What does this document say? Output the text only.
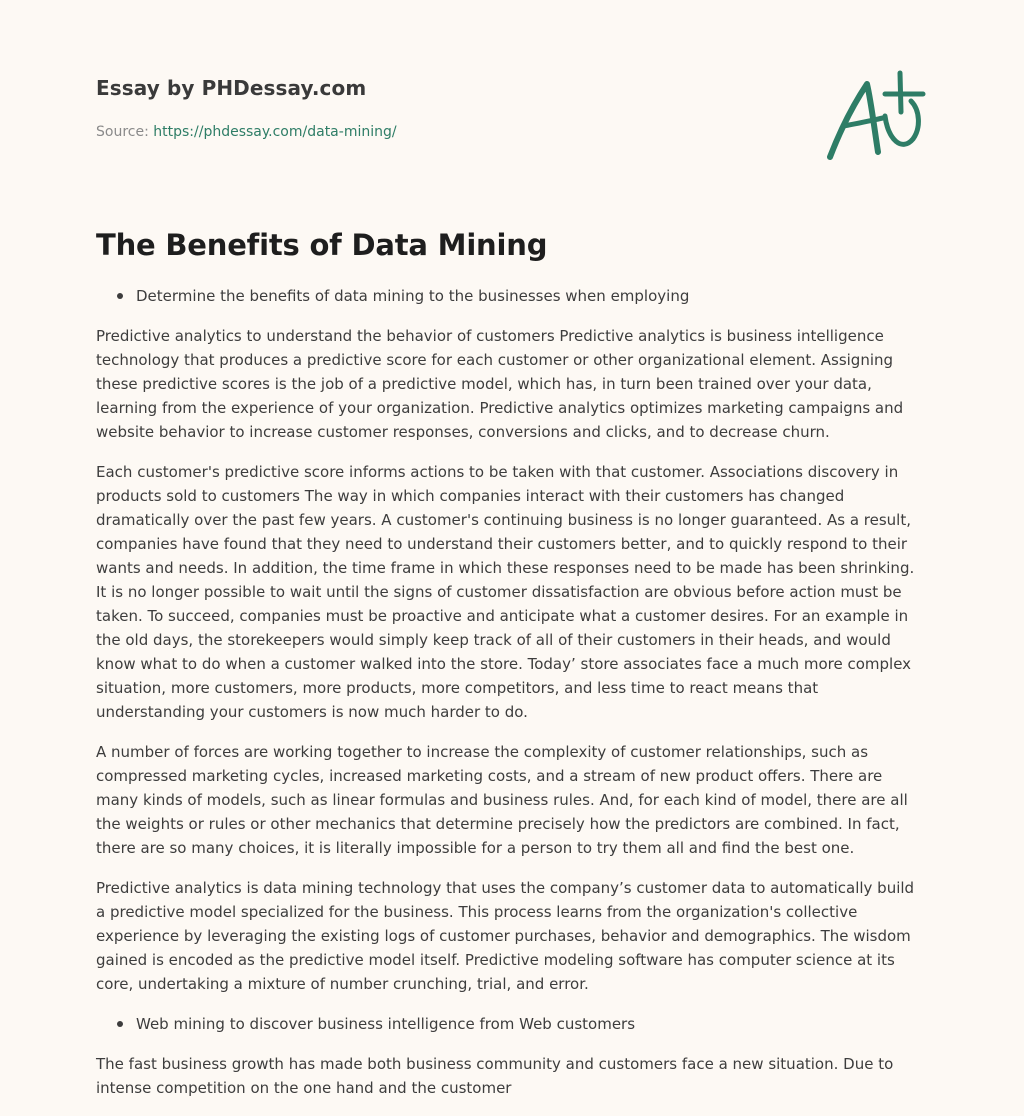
Essay by PHDessay.com
Source: https://phdessay.com/data-mining/
The Benefits of Data Mining
Determine the benefits of data mining to the businesses when employing

Predictive analytics to understand the behavior of customers Predictive analytics is business intelligence technology that produces a predictive score for each customer or other organizational element. Assigning these predictive scores is the job of a predictive model, which has, in turn been trained over your data, learning from the experience of your organization. Predictive analytics optimizes marketing campaigns and website behavior to increase customer responses, conversions and clicks, and to decrease churn.

Each customer's predictive score informs actions to be taken with that customer. Associations discovery in products sold to customers The way in which companies interact with their customers has changed dramatically over the past few years. A customer's continuing business is no longer guaranteed. As a result, companies have found that they need to understand their customers better, and to quickly respond to their wants and needs. In addition, the time frame in which these responses need to be made has been shrinking. It is no longer possible to wait until the signs of customer dissatisfaction are obvious before action must be taken. To succeed, companies must be proactive and anticipate what a customer desires. For an example in the old days, the storekeepers would simply keep track of all of their customers in their heads, and would know what to do when a customer walked into the store. Today’ store associates face a much more complex situation, more customers, more products, more competitors, and less time to react means that understanding your customers is now much harder to do.

A number of forces are working together to increase the complexity of customer relationships, such as compressed marketing cycles, increased marketing costs, and a stream of new product offers. There are many kinds of models, such as linear formulas and business rules. And, for each kind of model, there are all the weights or rules or other mechanics that determine precisely how the predictors are combined. In fact, there are so many choices, it is literally impossible for a person to try them all and find the best one.

Predictive analytics is data mining technology that uses the company’s customer data to automatically build a predictive model specialized for the business. This process learns from the organization's collective experience by leveraging the existing logs of customer purchases, behavior and demographics. The wisdom gained is encoded as the predictive model itself. Predictive modeling software has computer science at its core, undertaking a mixture of number crunching, trial, and error.

Web mining to discover business intelligence from Web customers

The fast business growth has made both business community and customers face a new situation. Due to intense competition on the one hand and the customer
